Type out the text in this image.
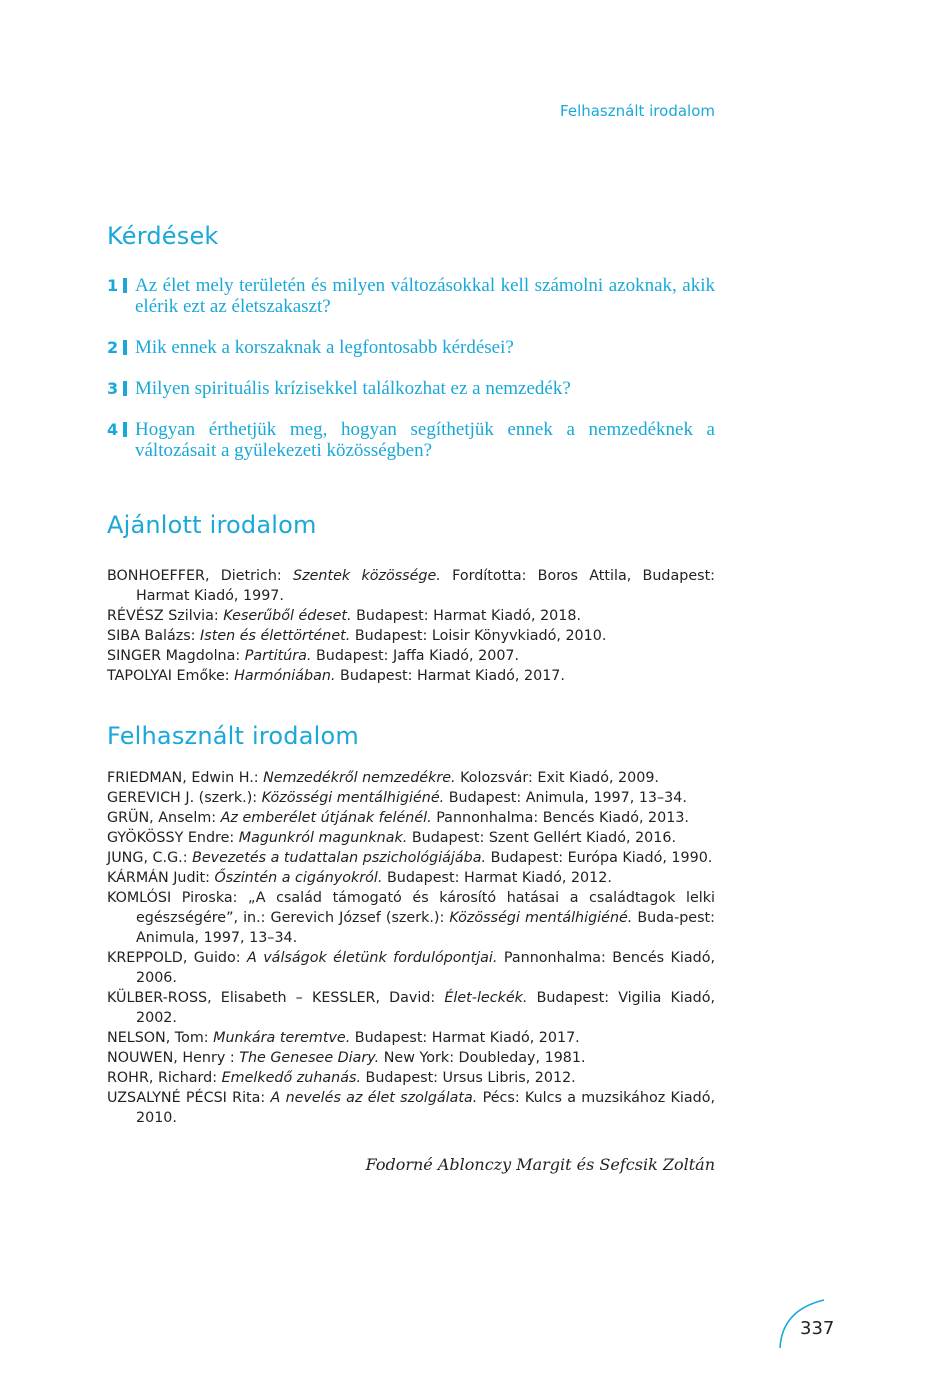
Felhasznált irodalom
Kérdések
1 Az élet mely területén és milyen változásokkal kell számolni azoknak, akik elérik ezt az életszakaszt?
2 Mik ennek a korszaknak a legfontosabb kérdései?
3 Milyen spirituális krízisekkel találkozhat ez a nemzedék?
4 Hogyan érthetjük meg, hogyan segíthetjük ennek a nemzedéknek a változásait a gyülekezeti közösségben?
Ajánlott irodalom
BONHOEFFER, Dietrich: Szentek közössége. Fordította: Boros Attila, Budapest: Harmat Kiadó, 1997.
RÉVÉSZ Szilvia: Keserűből édeset. Budapest: Harmat Kiadó, 2018.
SIBA Balázs: Isten és élettörténet. Budapest: Loisir Könyvkiadó, 2010.
SINGER Magdolna: Partitúra. Budapest: Jaffa Kiadó, 2007.
TAPOLYAI Emőke: Harmóniában. Budapest: Harmat Kiadó, 2017.
Felhasznált irodalom
FRIEDMAN, Edwin H.: Nemzedékről nemzedékre. Kolozsvár: Exit Kiadó, 2009.
GEREVICH J. (szerk.): Közösségi mentálhigiéné. Budapest: Animula, 1997, 13–34.
GRÜN, Anselm: Az emberélet útjának felénél. Pannonhalma: Bencés Kiadó, 2013.
GYÖKÖSSY Endre: Magunkról magunknak. Budapest: Szent Gellért Kiadó, 2016.
JUNG, C.G.: Bevezetés a tudattalan pszichológiájába. Budapest: Európa Kiadó, 1990.
KÁRMÁN Judit: Őszintén a cigányokról. Budapest: Harmat Kiadó, 2012.
KOMLÓSI Piroska: „A család támogató és károsító hatásai a családtagok lelki egészségére”, in.: Gerevich József (szerk.): Közösségi mentálhigiéné. Buda-pest: Animula, 1997, 13–34.
KREPPOLD, Guido: A válságok életünk fordulópontjai. Pannonhalma: Bencés Kiadó, 2006.
KÜLBER-ROSS, Elisabeth – KESSLER, David: Élet-leckék. Budapest: Vigilia Kiadó, 2002.
NELSON, Tom: Munkára teremtve. Budapest: Harmat Kiadó, 2017.
NOUWEN, Henry : The Genesee Diary. New York: Doubleday, 1981.
ROHR, Richard: Emelkedő zuhanás. Budapest: Ursus Libris, 2012.
UZSALYNÉ PÉCSI Rita: A nevelés az élet szolgálata. Pécs: Kulcs a muzsikához Kiadó, 2010.
Fodorné Ablonczy Margit és Sefcsik Zoltán
337
